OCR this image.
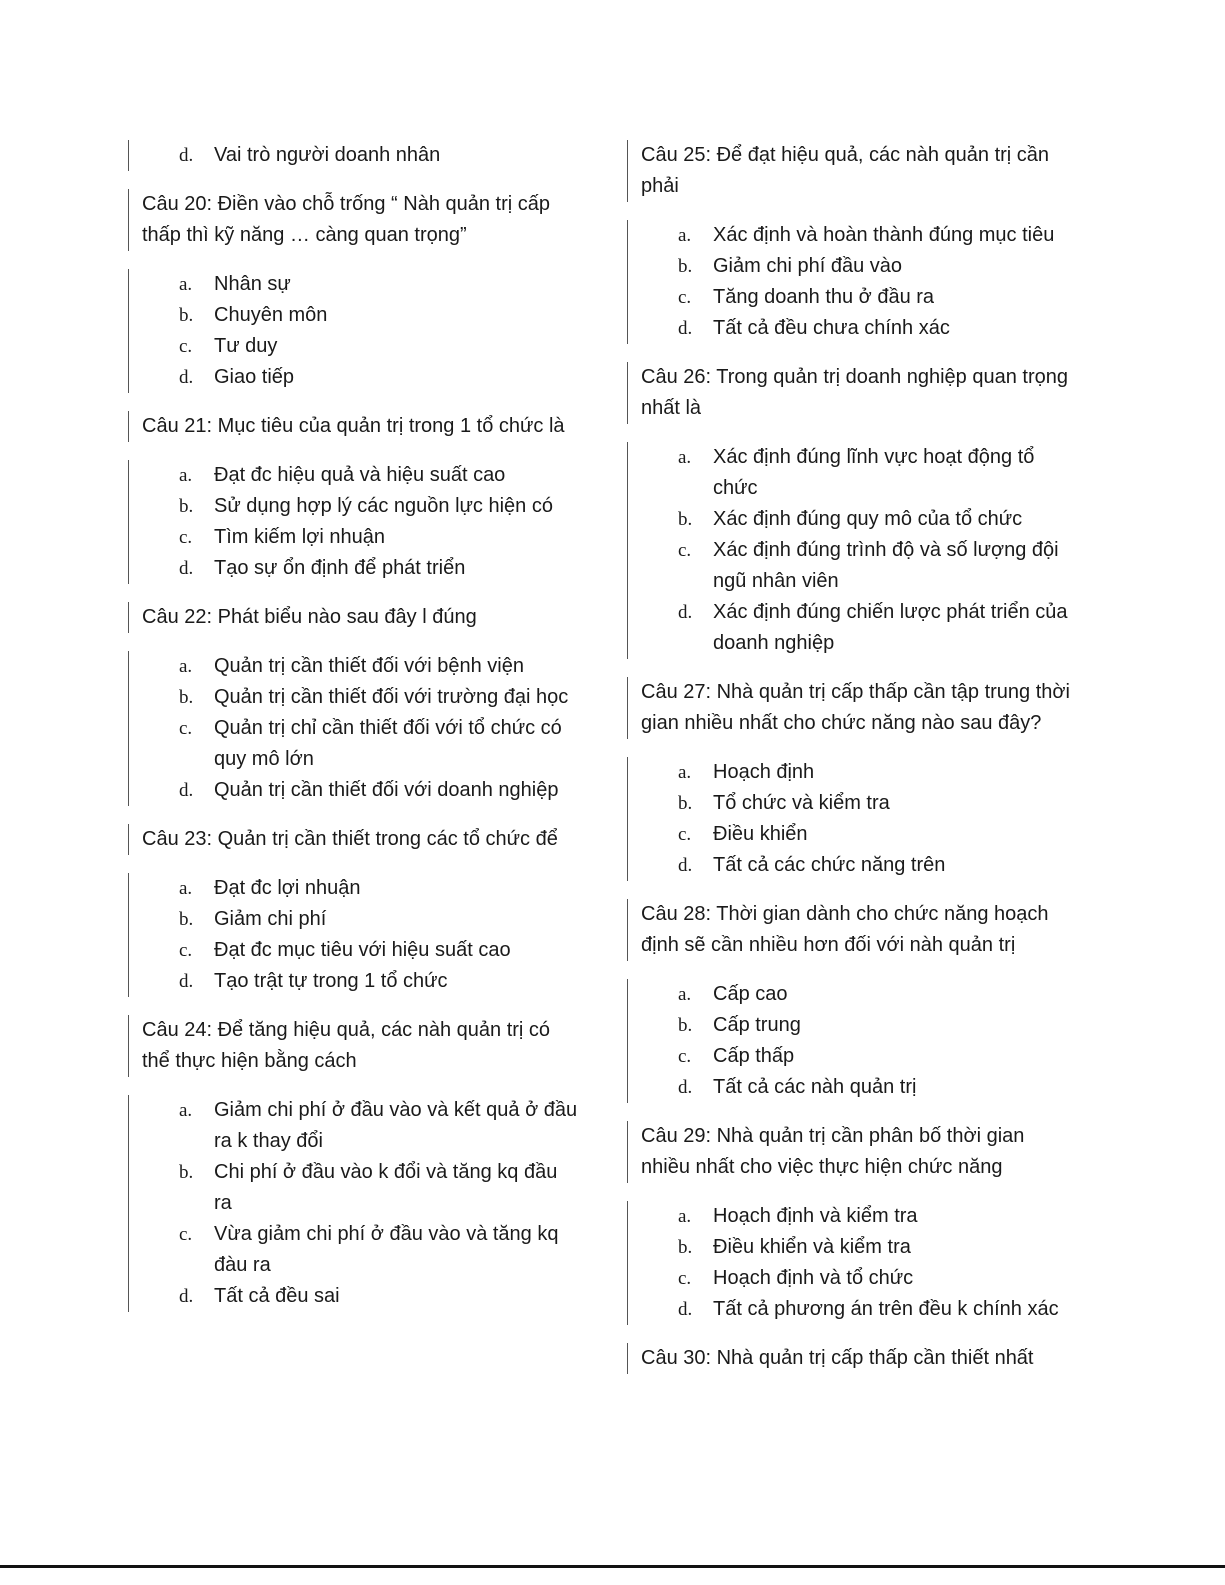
d. Vai trò người doanh nhân
Câu 20: Điền vào chỗ trống “ Nàh quản trị cấp thấp thì kỹ năng … càng quan trọng”
a. Nhân sự
b. Chuyên môn
c. Tư duy
d. Giao tiếp
Câu 21: Mục tiêu của quản trị trong 1 tổ chức là
a. Đạt đc hiệu quả và hiệu suất cao
b. Sử dụng hợp lý các nguồn lực hiện có
c. Tìm kiếm lợi nhuận
d. Tạo sự ổn định để phát triển
Câu 22: Phát biểu nào sau đây l đúng
a. Quản trị cần thiết đối với bệnh viện
b. Quản trị cần thiết đối với trường đại học
c. Quản trị chỉ cần thiết đối với tổ chức có quy mô lớn
d. Quản trị cần thiết đối với doanh nghiệp
Câu 23: Quản trị cần thiết trong các tổ chức để
a. Đạt đc lợi nhuận
b. Giảm chi phí
c. Đạt đc mục tiêu với hiệu suất cao
d. Tạo trật tự trong 1 tổ chức
Câu 24: Để tăng hiệu quả, các nàh quản trị có thể thực hiện bằng cách
a. Giảm chi phí ở đầu vào và kết quả ở đầu ra k thay đổi
b. Chi phí ở đầu vào k đổi và tăng kq đầu ra
c. Vừa giảm chi phí ở đầu vào và tăng kq đàu ra
d. Tất cả đều sai
Câu 25: Để đạt hiệu quả, các nàh quản trị cần phải
a. Xác định và hoàn thành đúng mục tiêu
b. Giảm chi phí đầu vào
c. Tăng doanh thu ở đầu ra
d. Tất cả đều chưa chính xác
Câu 26: Trong quản trị doanh nghiệp quan trọng nhất là
a. Xác định đúng lĩnh vực hoạt động tổ chức
b. Xác định đúng quy mô của tổ chức
c. Xác định đúng trình độ và số lượng đội ngũ nhân viên
d. Xác định đúng chiến lược phát triển của doanh nghiệp
Câu 27: Nhà quản trị cấp thấp cần tập trung thời gian nhiều nhất cho chức năng nào sau đây?
a. Hoạch định
b. Tổ chức và kiểm tra
c. Điều khiển
d. Tất cả các chức năng trên
Câu 28: Thời gian dành cho chức năng hoạch định sẽ cần nhiều hơn đối với nàh quản trị
a. Cấp cao
b. Cấp trung
c. Cấp thấp
d. Tất cả các nàh quản trị
Câu 29: Nhà quản trị cần phân bố thời gian nhiều nhất cho việc thực hiện chức năng
a. Hoạch định và kiểm tra
b. Điều khiển và kiểm tra
c. Hoạch định và tổ chức
d. Tất cả phương án trên đều k chính xác
Câu 30: Nhà quản trị cấp thấp cần thiết nhất
